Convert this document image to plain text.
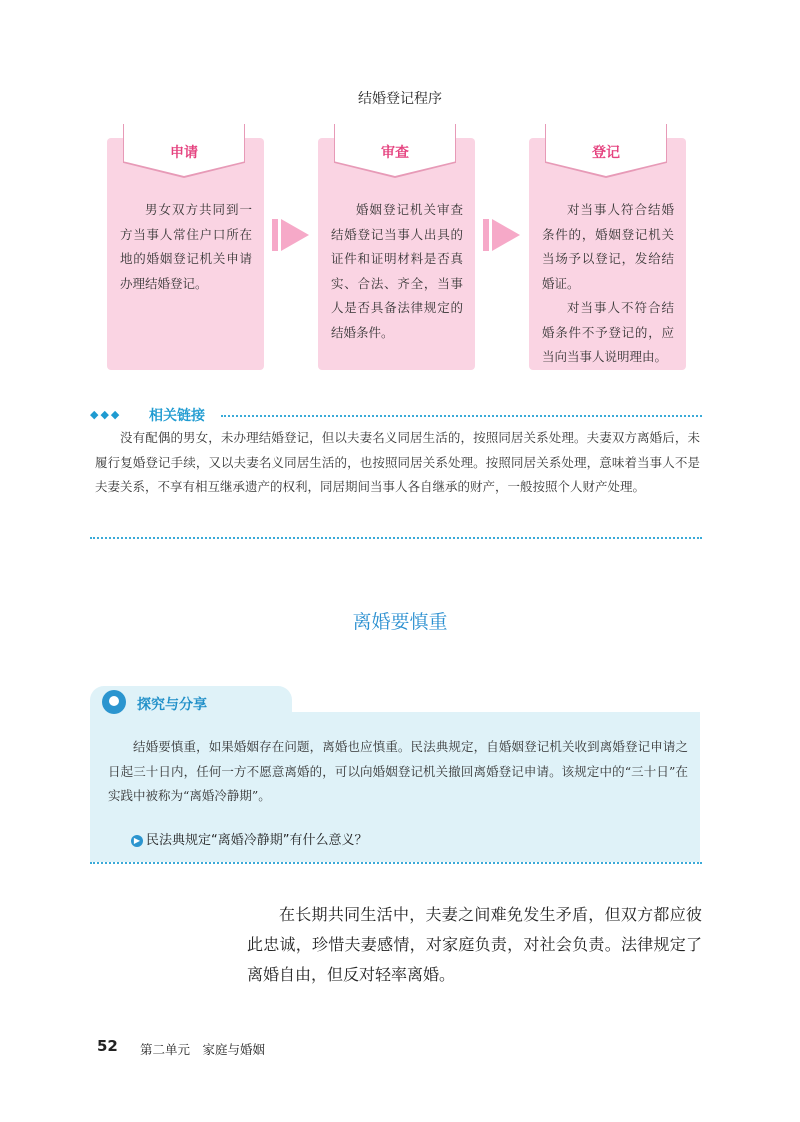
结婚登记程序
申请

男女双方共同到一方当事人常住户口所在地的婚姻登记机关申请办理结婚登记。

审查

婚姻登记机关审查结婚登记当事人出具的证件和证明材料是否真实、合法、齐全，当事人是否具备法律规定的结婚条件。

登记

对当事人符合结婚条件的，婚姻登记机关当场予以登记，发给结婚证。

对当事人不符合结婚条件不予登记的，应当向当事人说明理由。

◆◆◆ 相关链接

没有配偶的男女，未办理结婚登记，但以夫妻名义同居生活的，按照同居关系处理。夫妻双方离婚后，未履行复婚登记手续，又以夫妻名义同居生活的，也按照同居关系处理。按照同居关系处理，意味着当事人不是夫妻关系，不享有相互继承遗产的权利，同居期间当事人各自继承的财产，一般按照个人财产处理。

离婚要慎重
探究与分享

结婚要慎重，如果婚姻存在问题，离婚也应慎重。民法典规定，自婚姻登记机关收到离婚登记申请之日起三十日内，任何一方不愿意离婚的，可以向婚姻登记机关撤回离婚登记申请。该规定中的“三十日”在实践中被称为“离婚冷静期”。

▶ 民法典规定“离婚冷静期”有什么意义？

在长期共同生活中，夫妻之间难免发生矛盾，但双方都应彼此忠诚，珍惜夫妻感情，对家庭负责，对社会负责。法律规定了离婚自由，但反对轻率离婚。

52 第二单元　家庭与婚姻
